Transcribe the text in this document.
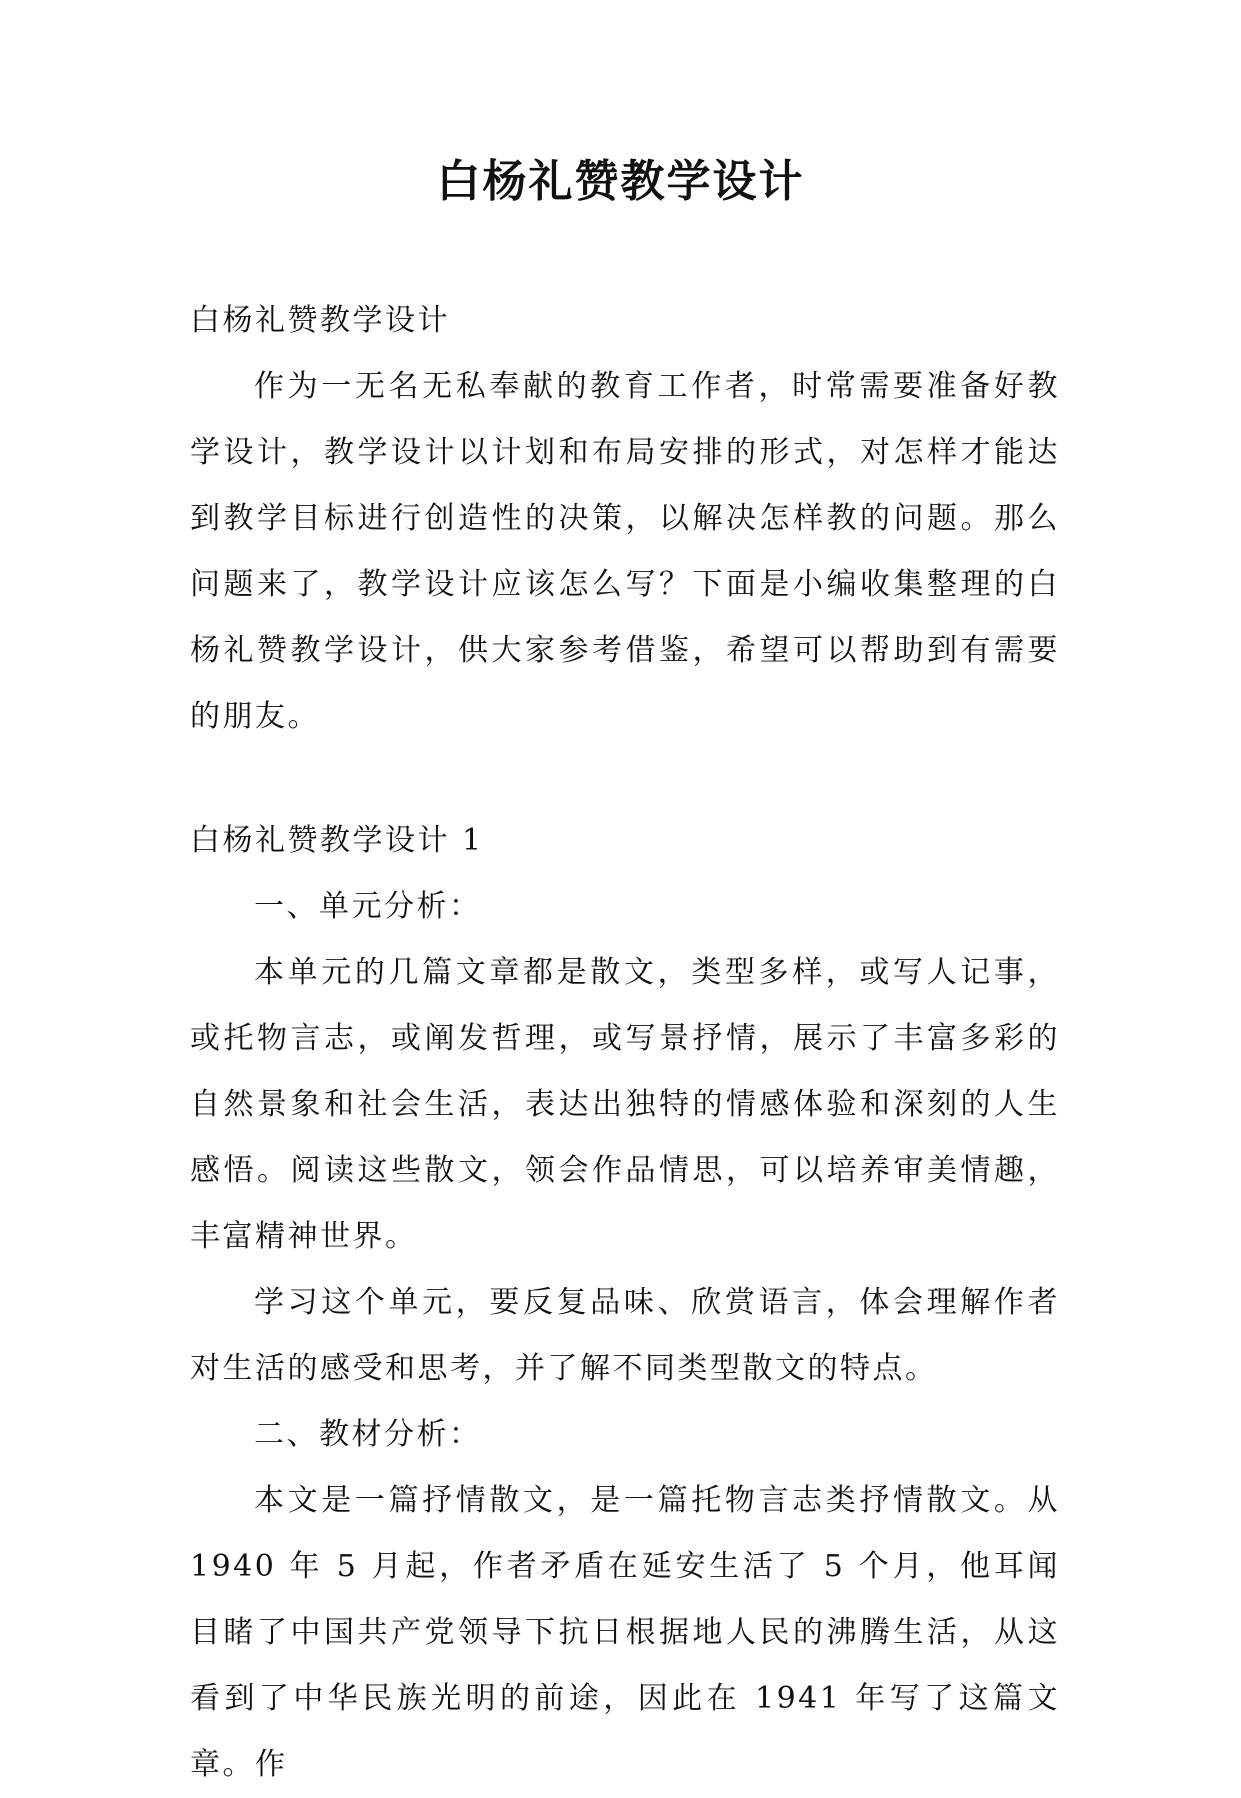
白杨礼赞教学设计

白杨礼赞教学设计

作为一无名无私奉献的教育工作者，时常需要准备好教学设计，教学设计以计划和布局安排的形式，对怎样才能达到教学目标进行创造性的决策，以解决怎样教的问题。那么问题来了，教学设计应该怎么写？下面是小编收集整理的白杨礼赞教学设计，供大家参考借鉴，希望可以帮助到有需要的朋友。

白杨礼赞教学设计 1

一、单元分析：

本单元的几篇文章都是散文，类型多样，或写人记事，或托物言志，或阐发哲理，或写景抒情，展示了丰富多彩的自然景象和社会生活，表达出独特的情感体验和深刻的人生感悟。阅读这些散文，领会作品情思，可以培养审美情趣，丰富精神世界。

学习这个单元，要反复品味、欣赏语言，体会理解作者对生活的感受和思考，并了解不同类型散文的特点。

二、教材分析：

本文是一篇抒情散文，是一篇托物言志类抒情散文。从 1940 年 5 月起，作者矛盾在延安生活了 5 个月，他耳闻目睹了中国共产党领导下抗日根据地人民的沸腾生活，从这看到了中华民族光明的前途，因此在 1941 年写了这篇文章。作
